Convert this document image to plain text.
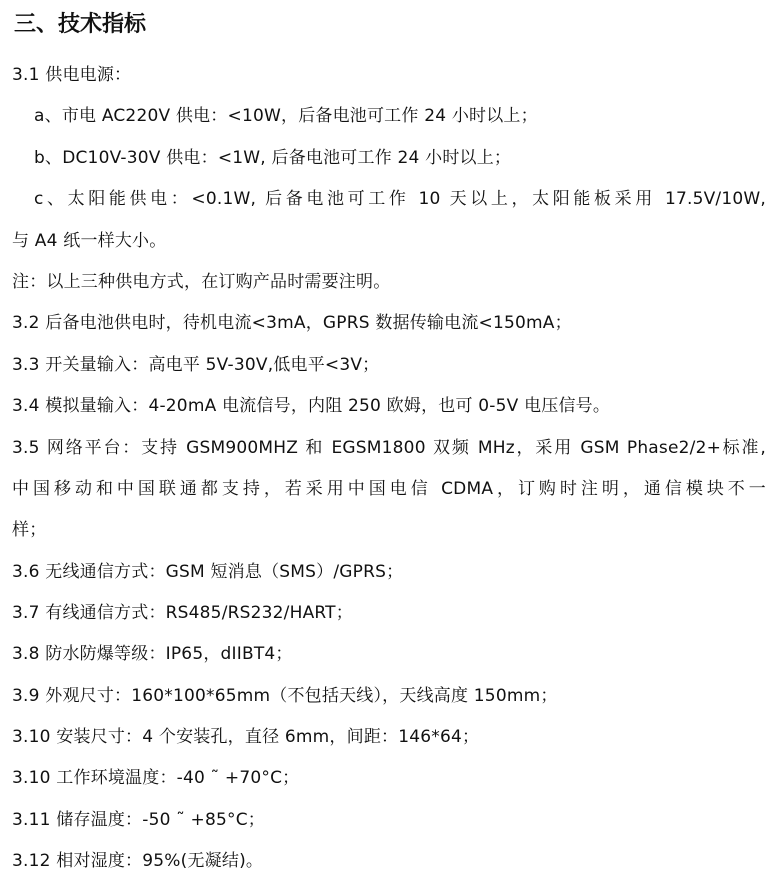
三、技术指标
3.1 供电电源：
a、市电 AC220V 供电：<10W，后备电池可工作 24 小时以上；
b、DC10V-30V 供电：<1W, 后备电池可工作 24 小时以上；
c、太阳能供电：<0.1W, 后备电池可工作 10 天以上，太阳能板采用 17.5V/10W,
与 A4 纸一样大小。
注：以上三种供电方式，在订购产品时需要注明。
3.2 后备电池供电时，待机电流<3mA，GPRS 数据传输电流<150mA；
3.3 开关量输入：高电平 5V-30V,低电平<3V；
3.4 模拟量输入：4-20mA 电流信号，内阻 250 欧姆，也可 0-5V 电压信号。
3.5 网络平台：支持 GSM900MHZ 和 EGSM1800 双频 MHz，采用 GSM Phase2/2+标准,
中国移动和中国联通都支持，若采用中国电信 CDMA，订购时注明，通信模块不一
样；
3.6 无线通信方式：GSM 短消息（SMS）/GPRS；
3.7 有线通信方式：RS485/RS232/HART；
3.8 防水防爆等级：IP65，dIIBT4；
3.9 外观尺寸：160*100*65mm（不包括天线），天线高度 150mm；
3.10 安装尺寸：4 个安装孔，直径 6mm，间距：146*64；
3.10 工作环境温度：-40 ˜ +70°C；
3.11 储存温度：-50 ˜ +85°C；
3.12 相对湿度：95%(无凝结)。
